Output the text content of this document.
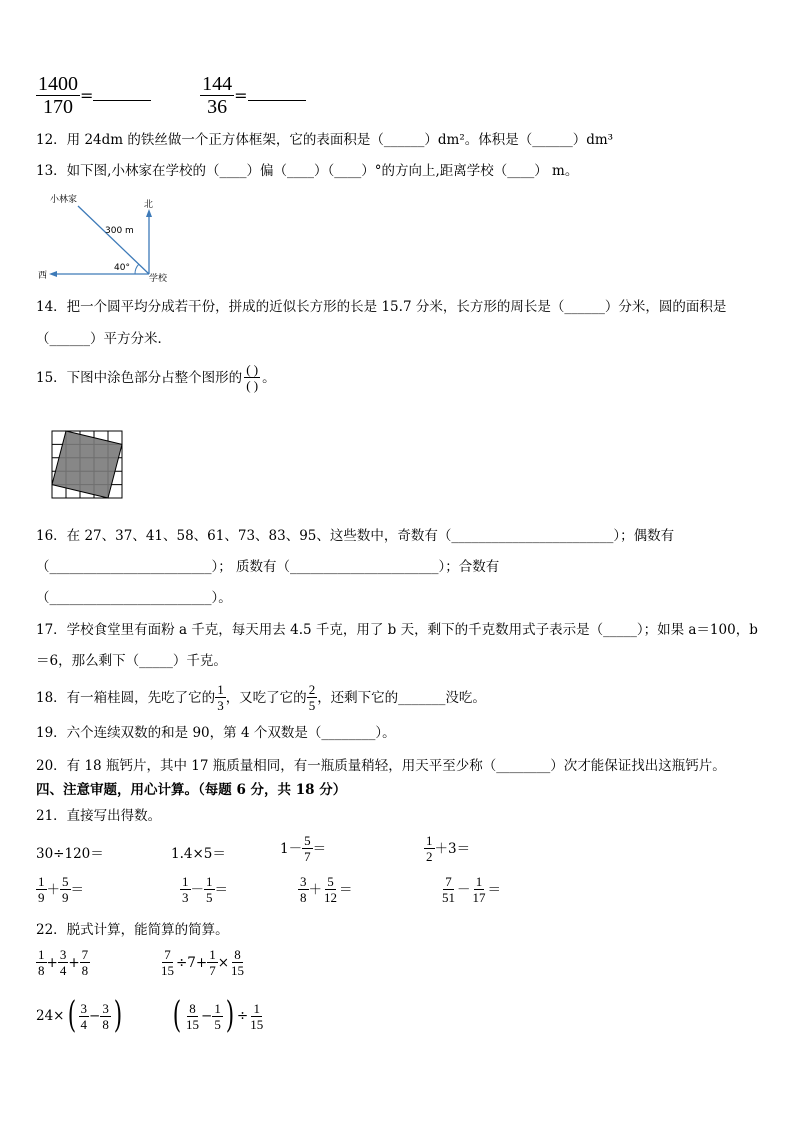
$\frac{1400}{170}$ =	$\frac{144}{36}$ =
12．用 24dm 的铁丝做一个正方体框架，它的表面积是（______）dm²。体积是（______）dm³
13．如下图,小林家在学校的（____）偏（____）（____）°的方向上,距离学校（____） m。
小林家	北
300 m
40°
西	学校
14．把一个圆平均分成若干份，拼成的近似长方形的长是 15.7 分米，长方形的周长是（______）分米，圆的面积是
（______）平方分米．
15．下图中涂色部分占整个图形的 $\frac{( )}{( )}$ 。
16．在 27、37、41、58、61、73、83、95、这些数中，奇数有（________________________）；偶数有
（________________________）； 质数有（______________________）；合数有
（________________________）。
17．学校食堂里有面粉 a 千克，每天用去 4.5 千克，用了 b 天，剩下的千克数用式子表示是（_____）；如果 a＝100，b
＝6，那么剩下（_____）千克。
18．有一箱桂圆，先吃了它的 $\frac{1}{3}$ ，又吃了它的 $\frac{2}{5}$ ，还剩下它的_______没吃。
19．六个连续双数的和是 90，第 4 个双数是（________）。
20．有 18 瓶钙片，其中 17 瓶质量相同，有一瓶质量稍轻，用天平至少称（________）次才能保证找出这瓶钙片。
四、注意审题，用心计算。（每题 6 分，共 18 分）
21．直接写出得数。
30÷120＝	1.4×5＝	$1- \frac{5}{7}$ ＝	$\frac{1}{2} +3=$
$\frac{1}{9} + \frac{5}{9}$ ＝	$\frac{1}{3} - \frac{1}{5}$ ＝	$\frac{3}{8} + \frac{5}{12}$ ＝	$\frac{7}{51} - \frac{1}{17}$ ＝
22．脱式计算，能简算的简算。
$\frac{1}{8} + \frac{3}{4} + \frac{7}{8}$	$\frac{7}{15} \div 7+ \frac{1}{7} \times \frac{8}{15}$
24× ( $\frac{3}{4} - \frac{3}{8}$ ) ( $\frac{8}{15} - \frac{1}{5}$ ) ÷ $\frac{1}{15}$
